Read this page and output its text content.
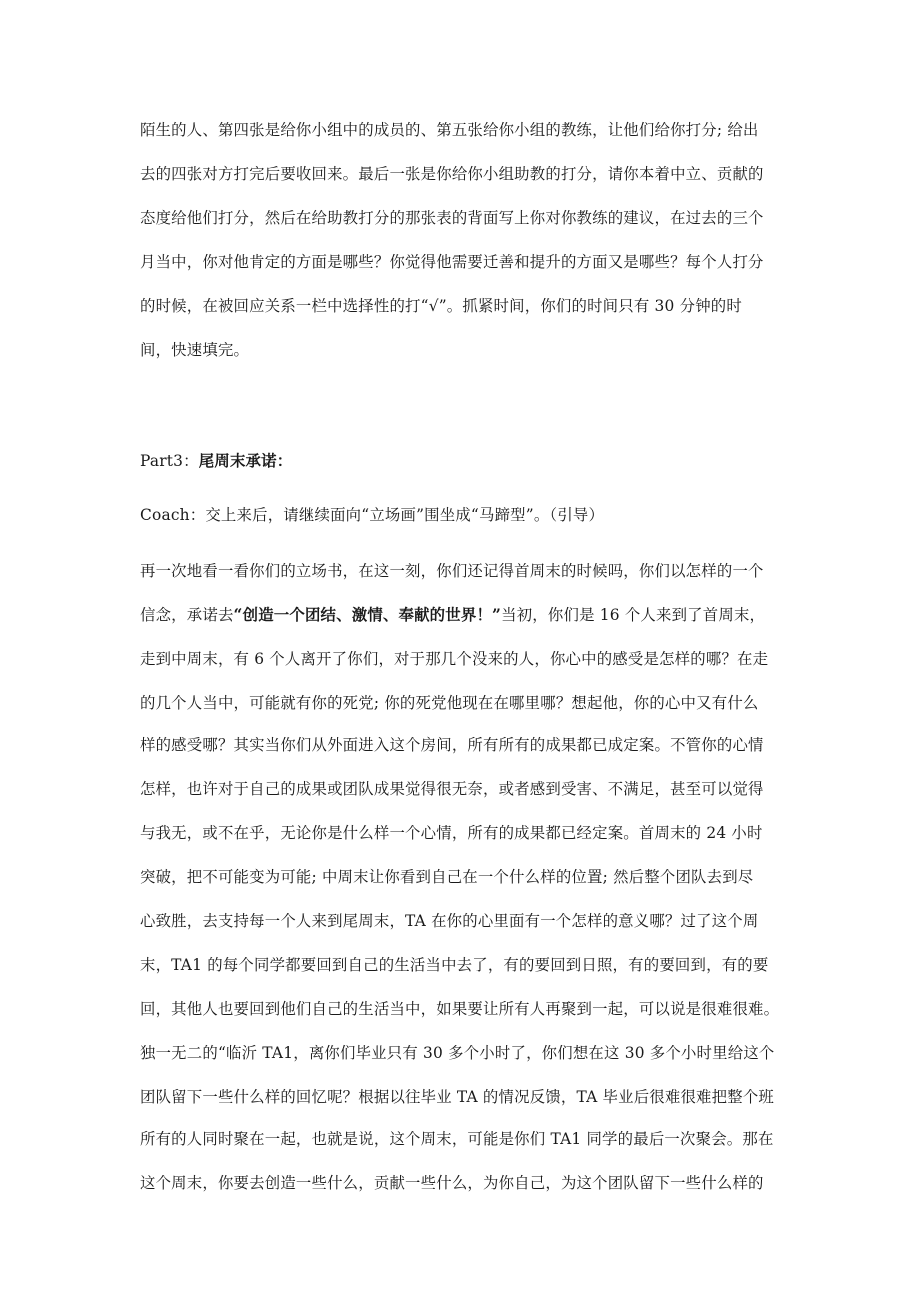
陌生的人、第四张是给你小组中的成员的、第五张给你小组的教练，让他们给你打分; 给出
去的四张对方打完后要收回来。最后一张是你给你小组助教的打分，请你本着中立、贡献的
态度给他们打分，然后在给助教打分的那张表的背面写上你对你教练的建议，在过去的三个
月当中，你对他肯定的方面是哪些？你觉得他需要迁善和提升的方面又是哪些？每个人打分
的时候，在被回应关系一栏中选择性的打“√”。抓紧时间，你们的时间只有 30 分钟的时
间，快速填完。
Part3：尾周末承诺：
Coach：交上来后，请继续面向“立场画”围坐成“马蹄型”。（引导）
再一次地看一看你们的立场书，在这一刻，你们还记得首周末的时候吗，你们以怎样的一个
信念，承诺去“创造一个团结、激情、奉献的世界！”当初，你们是 16 个人来到了首周末，
走到中周末，有 6 个人离开了你们，对于那几个没来的人，你心中的感受是怎样的哪？在走
的几个人当中，可能就有你的死党; 你的死党他现在在哪里哪？想起他，你的心中又有什么
样的感受哪？其实当你们从外面进入这个房间，所有所有的成果都已成定案。不管你的心情
怎样，也许对于自己的成果或团队成果觉得很无奈，或者感到受害、不满足，甚至可以觉得
与我无，或不在乎，无论你是什么样一个心情，所有的成果都已经定案。首周末的 24 小时
突破，把不可能变为可能; 中周末让你看到自己在一个什么样的位置; 然后整个团队去到尽
心致胜，去支持每一个人来到尾周末，TA 在你的心里面有一个怎样的意义哪？过了这个周
末，TA1 的每个同学都要回到自己的生活当中去了，有的要回到日照，有的要回到，有的要
回，其他人也要回到他们自己的生活当中，如果要让所有人再聚到一起，可以说是很难很难。
独一无二的“临沂 TA1，离你们毕业只有 30 多个小时了，你们想在这 30 多个小时里给这个
团队留下一些什么样的回忆呢？根据以往毕业 TA 的情况反馈，TA 毕业后很难很难把整个班
所有的人同时聚在一起，也就是说，这个周末，可能是你们 TA1 同学的最后一次聚会。那在
这个周末，你要去创造一些什么，贡献一些什么，为你自己，为这个团队留下一些什么样的
